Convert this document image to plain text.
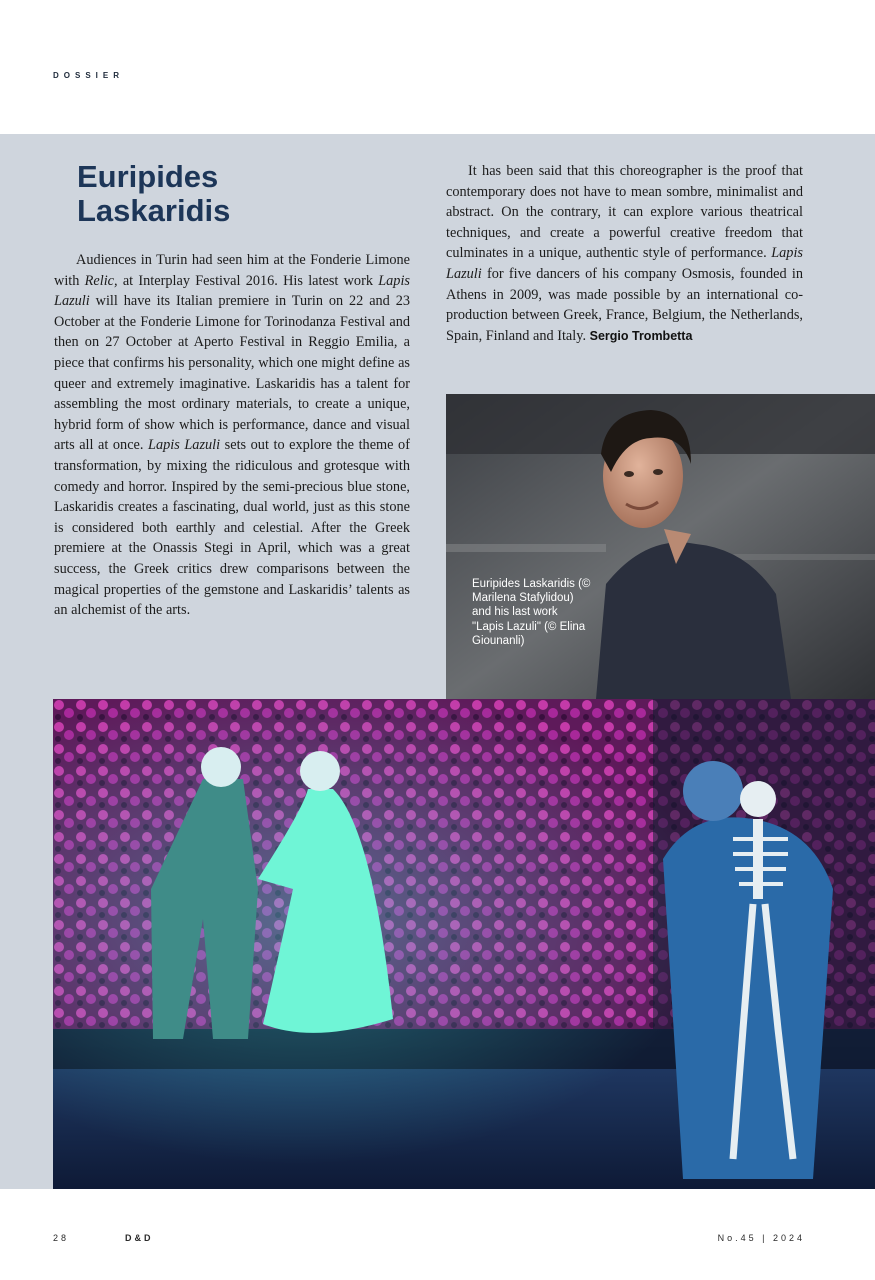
DOSSIER
Euripides
Laskaridis

Audiences in Turin had seen him at the Fonderie Limone with Relic, at Interplay Festival 2016. His latest work Lapis Lazuli will have its Italian premiere in Turin on 22 and 23 October at the Fonderie Limone for Torinodanza Festival and then on 27 October at Aperto Festival in Reggio Emilia, a piece that confirms his personality, which one might define as queer and extremely imaginative. Laskaridis has a talent for assembling the most ordinary materials, to create a unique, hybrid form of show which is performance, dance and visual arts all at once. Lapis Lazuli sets out to explore the theme of transformation, by mixing the ridiculous and grotesque with comedy and horror. Inspired by the semi-precious blue stone, Laskaridis creates a fascinating, dual world, just as this stone is considered both earthly and celestial. After the Greek premiere at the Onassis Stegi in April, which was a great success, the Greek critics drew comparisons between the magical properties of the gemstone and Laskaridis’ talents as an alchemist of the arts.

It has been said that this choreographer is the proof that contemporary does not have to mean sombre, minimalist and abstract. On the contrary, it can explore various theatrical techniques, and create a powerful creative freedom that culminates in a unique, authentic style of performance. Lapis Lazuli for five dancers of his company Osmosis, founded in Athens in 2009, was made possible by an international co-production between Greek, France, Belgium, the Netherlands, Spain, Finland and Italy. Sergio Trombetta

Euripides Laskaridis (© Marilena Stafylidou) and his last work "Lapis Lazuli" (© Elina Giounanli)

28	D&D	No.45 | 2024
